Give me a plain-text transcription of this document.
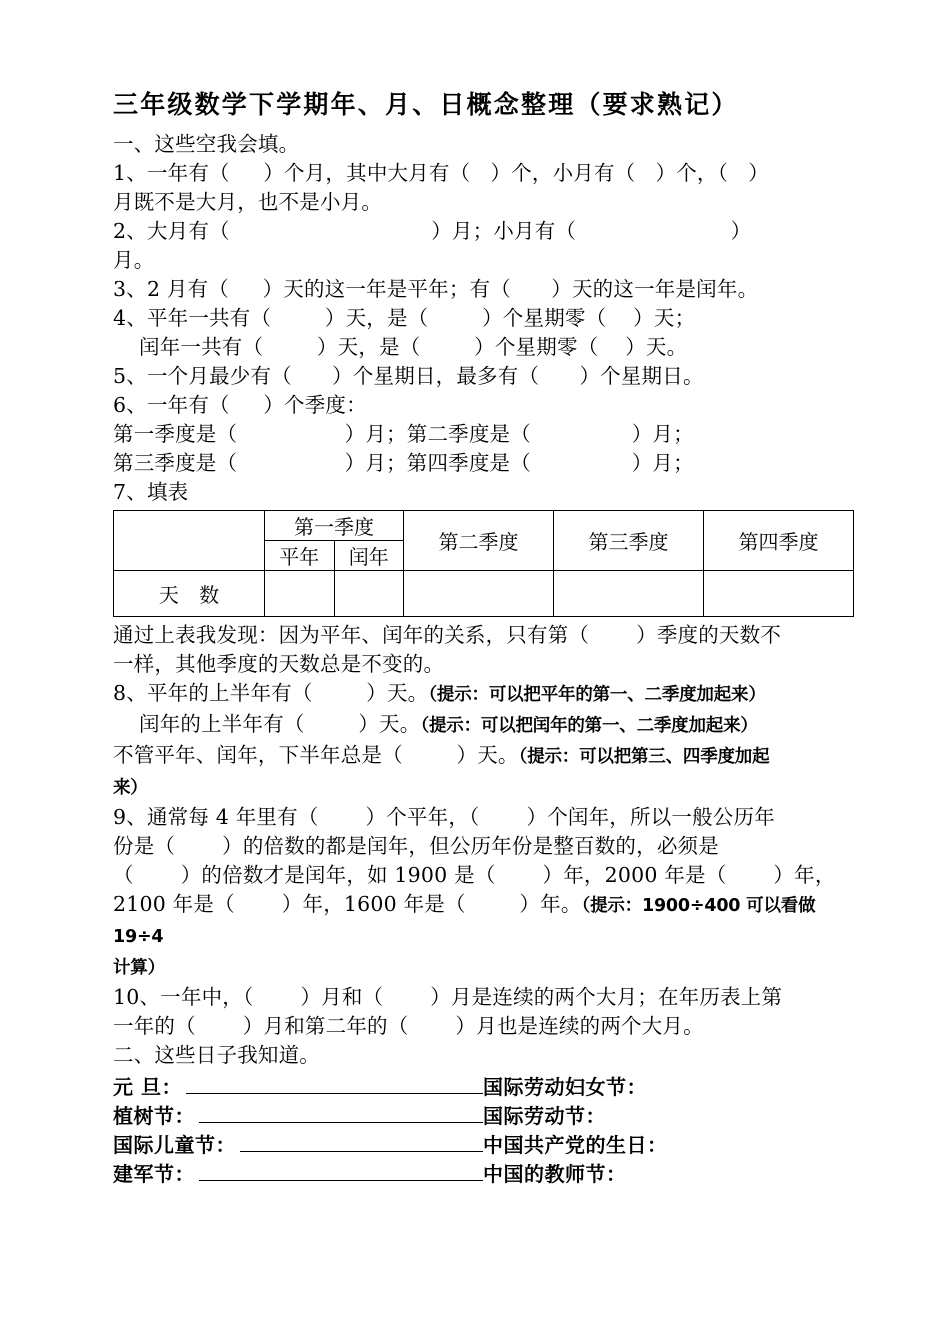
三年级数学下学期年、月、日概念整理（要求熟记）

一、这些空我会填。

1、一年有（     ）个月，其中大月有（   ）个，小月有（   ）个，（   ）

月既不是大月，也不是小月。

2、大月有（                              ）月；小月有（                       ）

月。

3、2 月有（     ）天的这一年是平年；有（      ）天的这一年是闰年。

4、平年一共有（        ）天，是（        ）个星期零（    ）天；

闰年一共有（        ）天，是（        ）个星期零（    ）天。

5、一个月最少有（      ）个星期日，最多有（      ）个星期日。

6、一年有（     ）个季度：

第一季度是（                ）月；第二季度是（               ）月；

第三季度是（                ）月；第四季度是（               ）月；

7、填表

	第一季度		第二季度	第三季度	第四季度
	平年	闰年			
天 数					

通过上表我发现：因为平年、闰年的关系，只有第（       ）季度的天数不

一样，其他季度的天数总是不变的。

8、平年的上半年有（        ）天。（提示：可以把平年的第一、二季度加起来）

闰年的上半年有（        ）天。（提示：可以把闰年的第一、二季度加起来）

不管平年、闰年，下半年总是（        ）天。（提示：可以把第三、四季度加起

来）

9、通常每 4 年里有（       ）个平年，（       ）个闰年，所以一般公历年

份是（       ）的倍数的都是闰年，但公历年份是整百数的，必须是

（       ）的倍数才是闰年，如 1900 是（       ）年，2000 年是（       ）年，

2100 年是（       ）年，1600 年是（        ）年。（提示：1900÷400 可以看做 19÷4

计算）

10、一年中，（       ）月和（       ）月是连续的两个大月；在年历表上第

一年的（       ）月和第二年的（       ）月也是连续的两个大月。

二、这些日子我知道。

元 旦：	国际劳动妇女节：
植树节：	国际劳动节：
国际儿童节：	中国共产党的生日：
建军节：	中国的教师节：
